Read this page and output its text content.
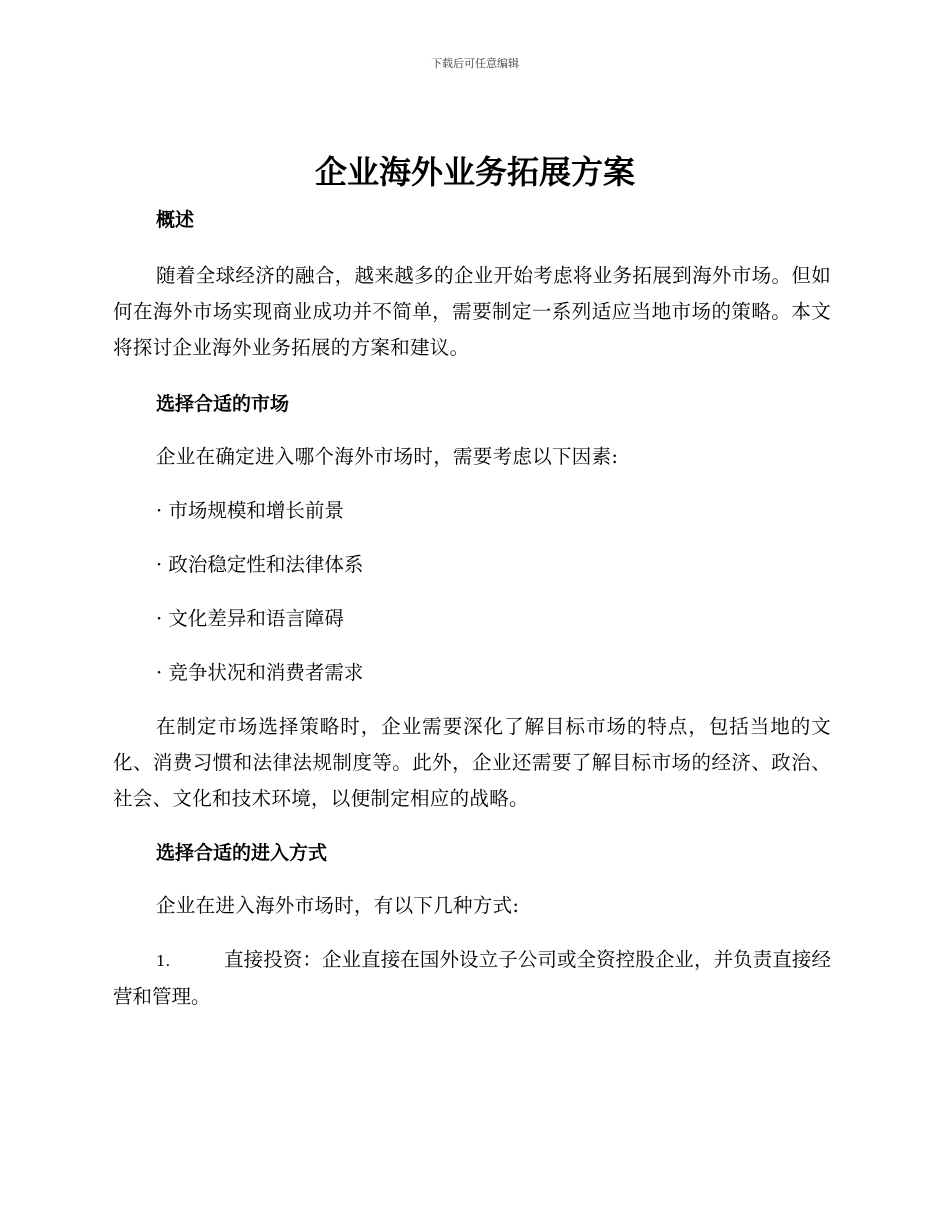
下载后可任意编辑
企业海外业务拓展方案
概述

随着全球经济的融合，越来越多的企业开始考虑将业务拓展到海外市场。但如何在海外市场实现商业成功并不简单，需要制定一系列适应当地市场的策略。本文将探讨企业海外业务拓展的方案和建议。

选择合适的市场

企业在确定进入哪个海外市场时，需要考虑以下因素:

· 市场规模和增长前景

· 政治稳定性和法律体系

· 文化差异和语言障碍

· 竞争状况和消费者需求

在制定市场选择策略时，企业需要深化了解目标市场的特点，包括当地的文化、消费习惯和法律法规制度等。此外，企业还需要了解目标市场的经济、政治、社会、文化和技术环境，以便制定相应的战略。

选择合适的进入方式

企业在进入海外市场时，有以下几种方式:

1.	直接投资：企业直接在国外设立子公司或全资控股企业，并负责直接经营和管理。
